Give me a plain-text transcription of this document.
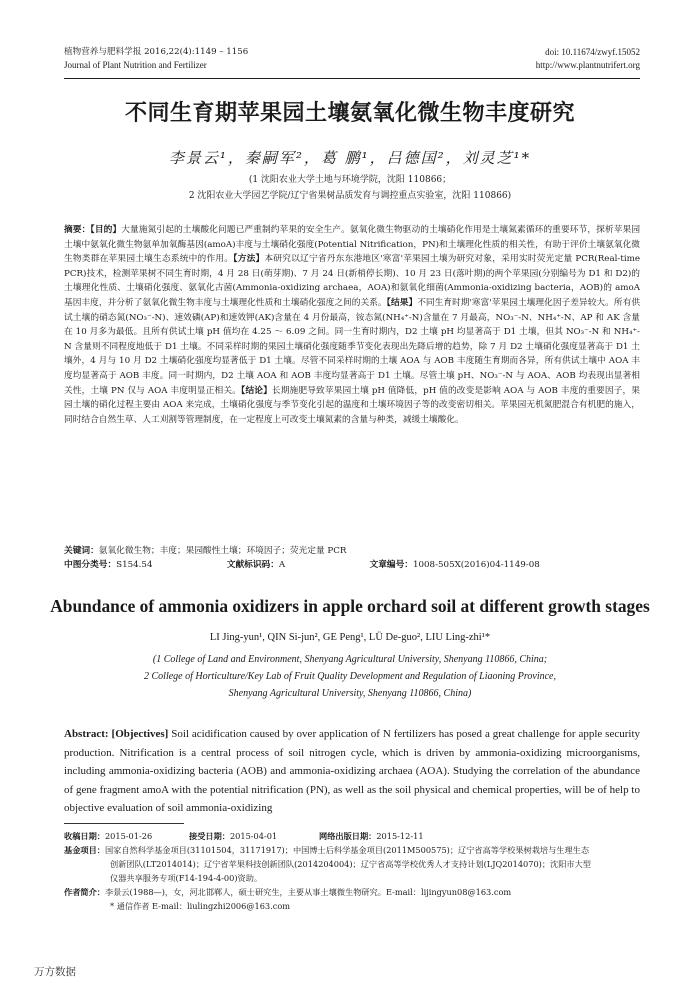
植物营养与肥料学报 2016,22(4):1149 – 1156
Journal of Plant Nutrition and Fertilizer
doi: 10.11674/zwyf.15052
http://www.plantnutrifert.org
不同生育期苹果园土壤氨氧化微生物丰度研究
李景云¹，秦嗣军²，葛 鹏¹，吕德国²，刘灵芝¹*
(1 沈阳农业大学土地与环境学院，沈阳 110866；
2 沈阳农业大学园艺学院/辽宁省果树品质发育与调控重点实验室，沈阳 110866)
摘要：【目的】大量施氮引起的土壤酸化问题已严重制约苹果的安全生产。氨氧化微生物驱动的土壤硝化作用是土壤氮素循环的重要环节，探析苹果园土壤中氨氧化微生物氨单加氧酶基因(amoA)丰度与土壤硝化强度(Potential Nitrification，PN)和土壤理化性质的相关性，有助于评价土壤氨氧化微生物类群在苹果园土壤生态系统中的作用。【方法】本研究以辽宁省丹东东港地区'寒富'苹果园土壤为研究对象，采用实时荧光定量 PCR(Real-time PCR)技术，检测苹果树不同生育时期，4 月 28 日(萌芽期)、7 月 24 日(新梢停长期)、10 月 23 日(落叶期)的两个苹果园(分别编号为 D1 和 D2)的土壤理化性质、土壤硝化强度、氨氧化古菌(Ammonia-oxidizing archaea，AOA)和氨氧化细菌(Ammonia-oxidizing bacteria，AOB)的 amoA 基因丰度，并分析了氨氧化微生物丰度与土壤理化性质和土壤硝化强度之间的关系。【结果】不同生育时期'寒富'苹果园土壤理化因子差异较大。所有供试土壤的硝态氮(NO₃⁻-N)、速效磷(AP)和速效钾(AK)含量在 4 月份最高，铵态氮(NH₄⁺-N)含量在 7 月最高，NO₃⁻-N、NH₄⁺-N、AP 和 AK 含量在 10 月多为最低。且所有供试土壤 pH 值均在 4.25 ～ 6.09 之间。同一生育时期内，D2 土壤 pH 均显著高于 D1 土壤，但其 NO₃⁻-N 和 NH₄⁺-N 含量则不同程度地低于 D1 土壤。不同采样时期的果园土壤硝化强度随季节变化表现出先降后增的趋势，除 7 月 D2 土壤硝化强度显著高于 D1 土壤外，4 月与 10 月 D2 土壤硝化强度均显著低于 D1 土壤。尽管不同采样时期的土壤 AOA 与 AOB 丰度随生育期而各异，所有供试土壤中 AOA 丰度均显著高于 AOB 丰度。同一时期内，D2 土壤 AOA 和 AOB 丰度均显著高于 D1 土壤。尽管土壤 pH、NO₃⁻-N 与 AOA、AOB 均表现出显著相关性，土壤 PN 仅与 AOA 丰度明显正相关。【结论】长期施肥导致苹果园土壤 pH 值降低，pH 值的改变是影响 AOA 与 AOB 丰度的重要因子，果园土壤的硝化过程主要由 AOA 来完成，土壤硝化强度与季节变化引起的温度和土壤环境因子等的改变密切相关。苹果园无机氮肥混合有机肥的施入，同时结合自然生草、人工刈割等管理制度，在一定程度上可改变土壤氮素的含量与种类，减缓土壤酸化。
关键词：氨氧化微生物；丰度；果园酸性土壤；环境因子；荧光定量 PCR
中图分类号：S154.54	文献标识码：A	文章编号：1008-505X(2016)04-1149-08
Abundance of ammonia oxidizers in apple orchard soil at different growth stages
LI Jing-yun¹, QIN Si-jun², GE Peng¹, LÜ De-guo², LIU Ling-zhi¹*
(1 College of Land and Environment, Shenyang Agricultural University, Shenyang 110866, China;
2 College of Horticulture/Key Lab of Fruit Quality Development and Regulation of Liaoning Province,
Shenyang Agricultural University, Shenyang 110866, China)
Abstract: [Objectives] Soil acidification caused by over application of N fertilizers has posed a great challenge for apple security production. Nitrification is a central process of soil nitrogen cycle, which is driven by ammonia-oxidizing microorganisms, including ammonia-oxidizing bacteria (AOB) and ammonia-oxidizing archaea (AOA). Studying the correlation of the abundance of gene fragment amoA with the potential nitrification (PN), as well as the soil physical and chemical properties, will be of help to objective evaluation of soil ammonia-oxidizing
收稿日期：2015-01-26	接受日期：2015-04-01	网络出版日期：2015-12-11
基金项目：国家自然科学基金项目(31101504，31171917)；中国博士后科学基金项目(2011M500575)；辽宁省高等学校果树栽培与生理生态
创新团队(LT2014014)；辽宁省苹果科技创新团队(2014204004)；辽宁省高等学校优秀人才支持计划(LJQ2014070)；沈阳市大型
仪器共享服务专项(F14-194-4-00)资助。
作者简介：李景云(1988—)，女，河北邯郸人，硕士研究生，主要从事土壤微生物研究。E-mail：lijingyun08@163.com
* 通信作者 E-mail：liulingzhi2006@163.com
万方数据
